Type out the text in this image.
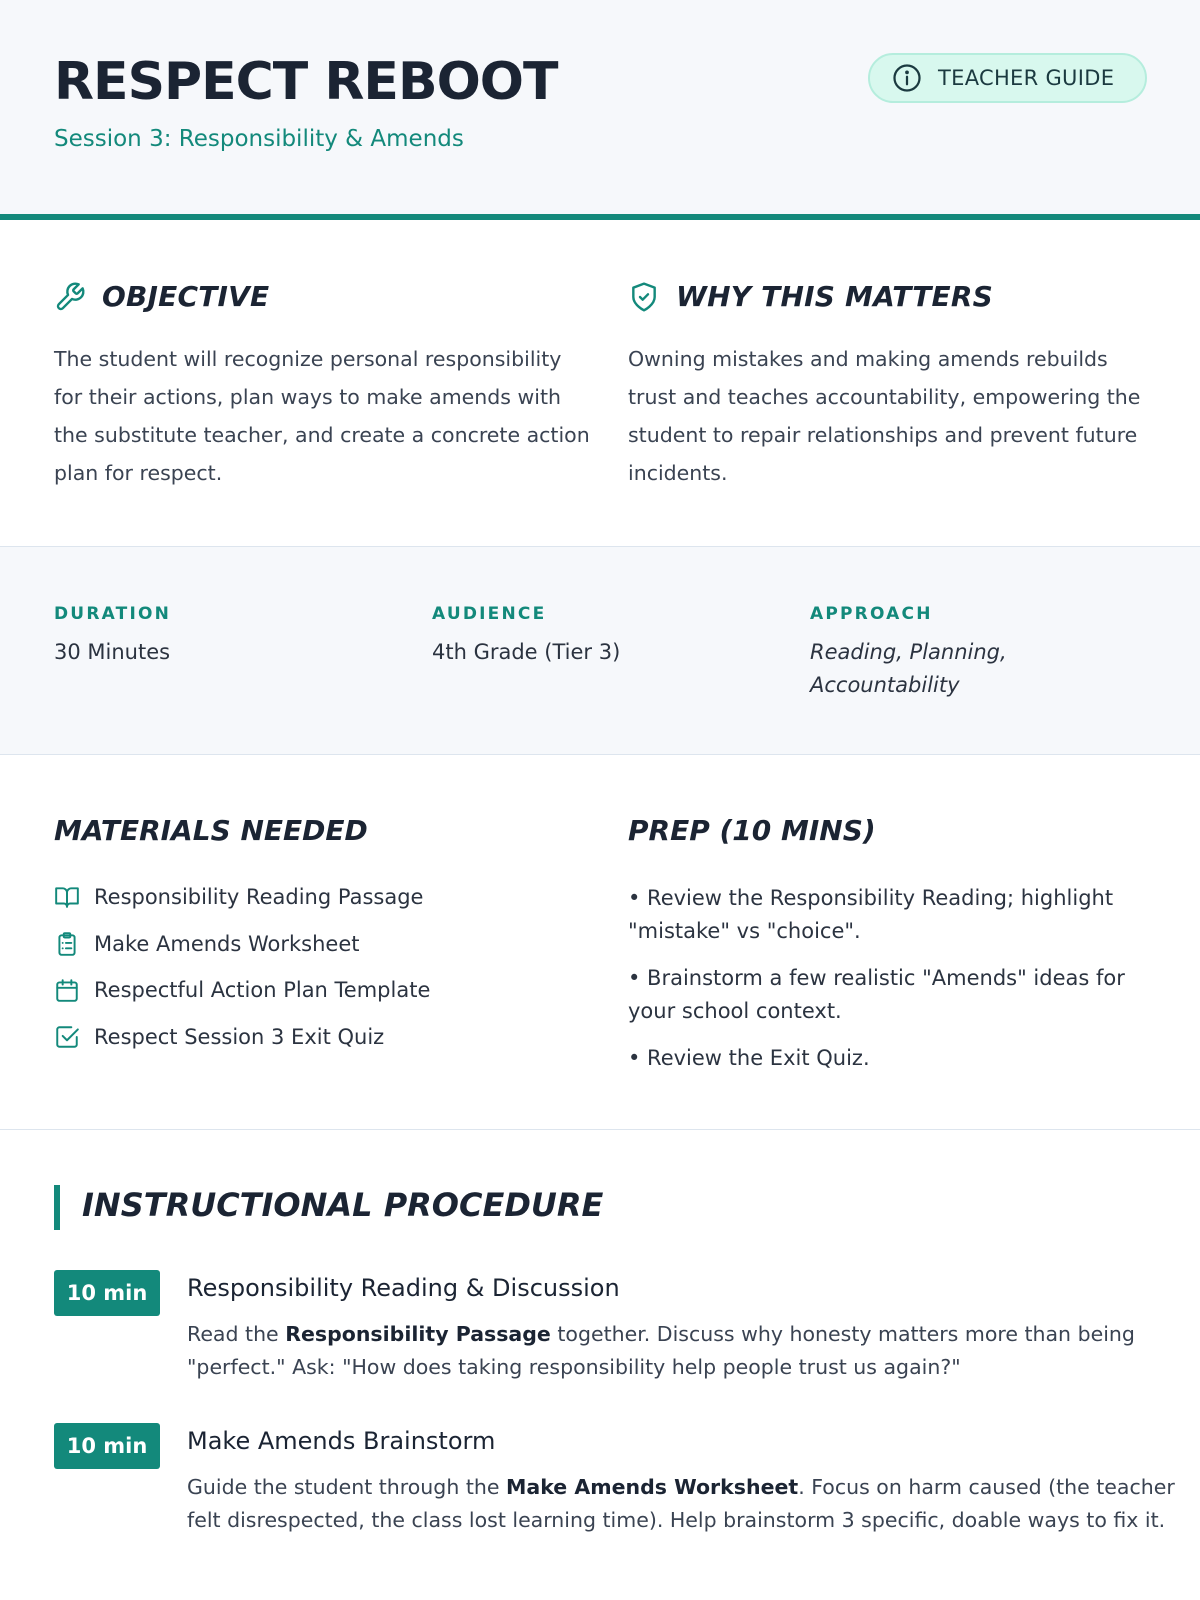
RESPECT REBOOT
Session 3: Responsibility & Amends
TEACHER GUIDE
OBJECTIVE
The student will recognize personal responsibility for their actions, plan ways to make amends with the substitute teacher, and create a concrete action plan for respect.
WHY THIS MATTERS
Owning mistakes and making amends rebuilds trust and teaches accountability, empowering the student to repair relationships and prevent future incidents.
DURATION
30 Minutes
AUDIENCE
4th Grade (Tier 3)
APPROACH
Reading, Planning, Accountability
MATERIALS NEEDED
Responsibility Reading Passage
Make Amends Worksheet
Respectful Action Plan Template
Respect Session 3 Exit Quiz
PREP (10 MINS)
• Review the Responsibility Reading; highlight "mistake" vs "choice".
• Brainstorm a few realistic "Amends" ideas for your school context.
• Review the Exit Quiz.
INSTRUCTIONAL PROCEDURE
10 min	Responsibility Reading & Discussion
Read the Responsibility Passage together. Discuss why honesty matters more than being "perfect." Ask: "How does taking responsibility help people trust us again?"
10 min	Make Amends Brainstorm
Guide the student through the Make Amends Worksheet. Focus on harm caused (the teacher felt disrespected, the class lost learning time). Help brainstorm 3 specific, doable ways to fix it.
